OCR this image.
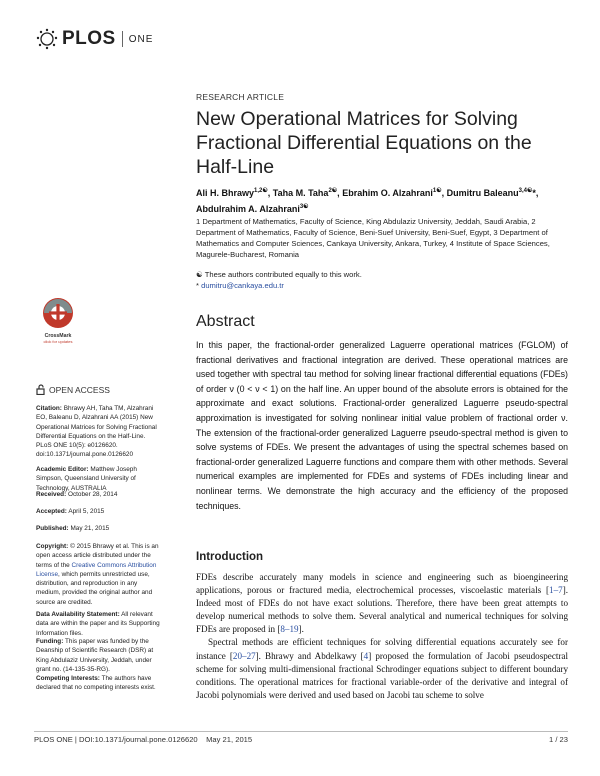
PLOS ONE
RESEARCH ARTICLE
New Operational Matrices for Solving Fractional Differential Equations on the Half-Line
Ali H. Bhrawy$^{1,2☯}$, Taha M. Taha$^{2☯}$, Ebrahim O. Alzahrani$^{1☯}$, Dumitru Baleanu$^{3,4☯}$*,
Abdulrahim A. Alzahrani$^{3☯}$
1 Department of Mathematics, Faculty of Science, King Abdulaziz University, Jeddah, Saudi Arabia, 2 Department of Mathematics, Faculty of Science, Beni-Suef University, Beni-Suef, Egypt, 3 Department of Mathematics and Computer Sciences, Cankaya University, Ankara, Turkey, 4 Institute of Space Sciences, Magurele-Bucharest, Romania
☯ These authors contributed equally to this work.
* dumitru@cankaya.edu.tr
Abstract
In this paper, the fractional-order generalized Laguerre operational matrices (FGLOM) of fractional derivatives and fractional integration are derived. These operational matrices are used together with spectral tau method for solving linear fractional differential equations (FDEs) of order ν (0 < ν < 1) on the half line. An upper bound of the absolute errors is obtained for the approximate and exact solutions. Fractional-order generalized Laguerre pseudo-spectral approximation is investigated for solving nonlinear initial value problem of fractional order ν. The extension of the fractional-order generalized Laguerre pseudo-spectral method is given to solve systems of FDEs. We present the advantages of using the spectral schemes based on fractional-order generalized Laguerre functions and compare them with other methods. Several numerical examples are implemented for FDEs and systems of FDEs including linear and nonlinear terms. We demonstrate the high accuracy and the efficiency of the proposed techniques.
Introduction

FDEs describe accurately many models in science and engineering such as bioengineering applications, porous or fractured media, electrochemical processes, viscoelastic materials [1–7]. Indeed most of FDEs do not have exact solutions. Therefore, there have been great attempts to develop numerical methods to solve them. Several analytical and numerical techniques for solving FDEs are proposed in [8–19].

Spectral methods are efficient techniques for solving differential equations accurately see for instance [20–27]. Bhrawy and Abdelkawy [4] proposed the formulation of Jacobi pseudospectral scheme for solving multi-dimensional fractional Schrodinger equations subject to different boundary conditions. The operational matrices for fractional variable-order of the derivative and integral of Jacobi polynomials were derived and used based on Jacobi tau scheme to solve

CrossMark
click for updates
OPEN ACCESS

Citation: Bhrawy AH, Taha TM, Alzahrani EO, Baleanu D, Alzahrani AA (2015) New Operational Matrices for Solving Fractional Differential Equations on the Half-Line. PLoS ONE 10(5): e0126620. doi:10.1371/journal.pone.0126620

Academic Editor: Matthew Joseph Simpson, Queensland University of Technology, AUSTRALIA

Received: October 28, 2014

Accepted: April 5, 2015

Published: May 21, 2015

Copyright: © 2015 Bhrawy et al. This is an open access article distributed under the terms of the Creative Commons Attribution License, which permits unrestricted use, distribution, and reproduction in any medium, provided the original author and source are credited.

Data Availability Statement: All relevant data are within the paper and its Supporting Information files.

Funding: This paper was funded by the Deanship of Scientific Research (DSR) at King Abdulaziz University, Jeddah, under grant no. (14-135-35-RG).

Competing Interests: The authors have declared that no competing interests exist.

PLOS ONE | DOI:10.1371/journal.pone.0126620    May 21, 2015	1 / 23
